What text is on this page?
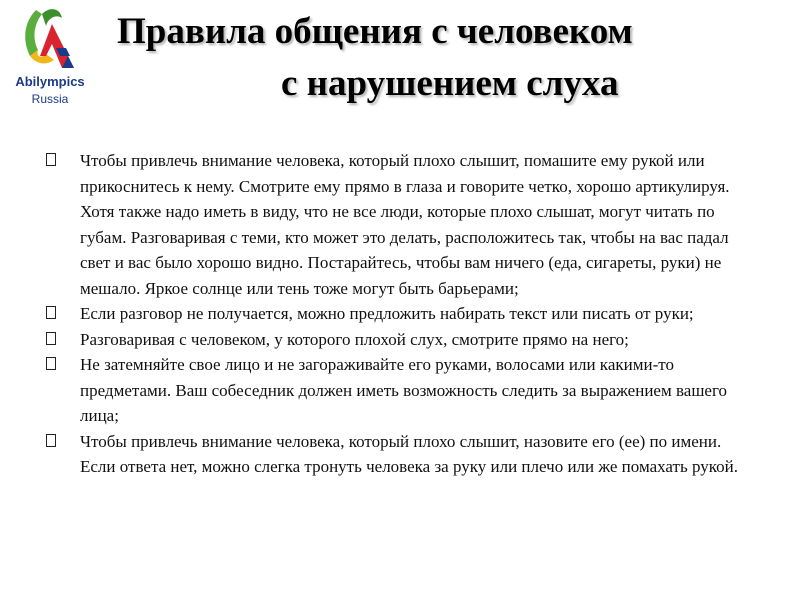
Abilympics
Russia
Правила общения с человеком
с нарушением слуха
Чтобы привлечь внимание человека, который плохо слышит, помашите ему рукой или прикоснитесь к нему. Смотрите ему прямо в глаза и говорите четко, хорошо артикулируя. Хотя также надо иметь в виду, что не все люди, которые плохо слышат, могут читать по губам. Разговаривая с теми, кто может это делать, расположитесь так, чтобы на вас падал свет и вас было хорошо видно. Постарайтесь, чтобы вам ничего (еда, сигареты, руки) не мешало. Яркое солнце или тень тоже могут быть барьерами;
Если разговор не получается, можно предложить набирать текст или писать от руки;
Разговаривая с человеком, у которого плохой слух, смотрите прямо на него;
Не затемняйте свое лицо и не загораживайте его руками, волосами или какими-то предметами. Ваш собеседник должен иметь возможность следить за выражением вашего лица;
Чтобы привлечь внимание человека, который плохо слышит, назовите его (ее) по имени. Если ответа нет, можно слегка тронуть человека за руку или плечо или же помахать рукой.
